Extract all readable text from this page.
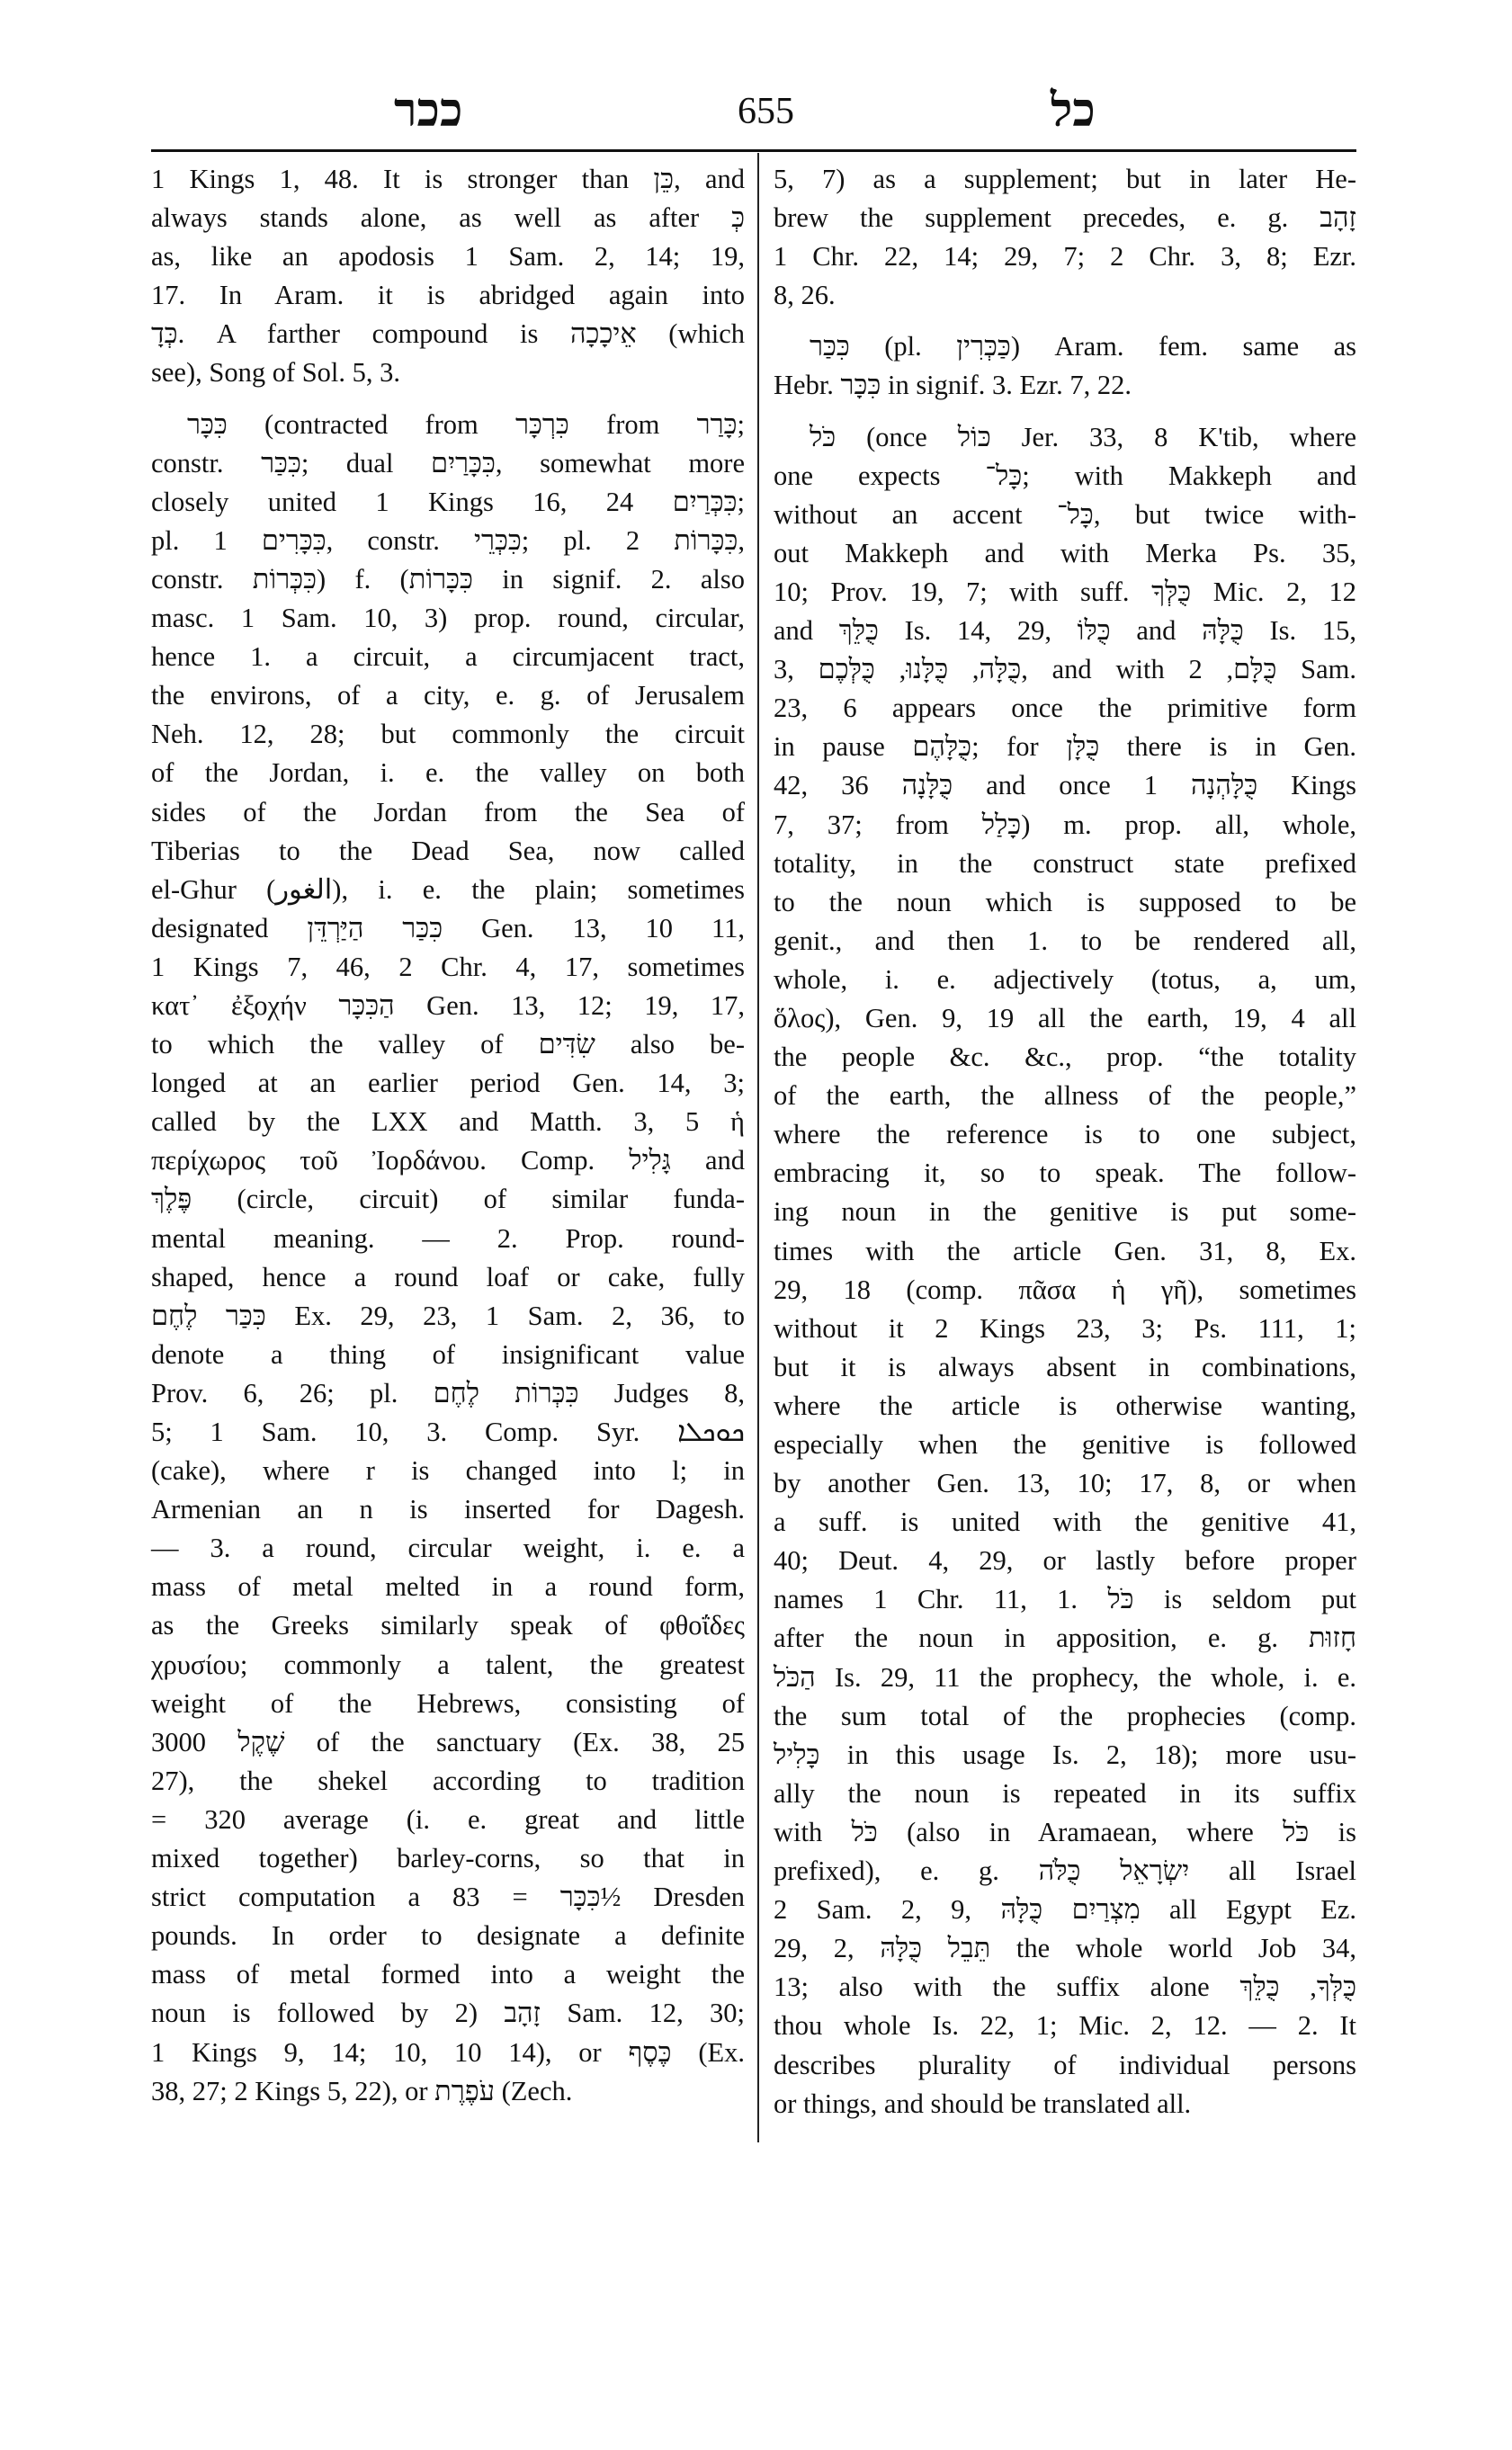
ככר	655	כל
1 Kings 1, 48. It is stronger than כֵּן, and
always stands alone, as well as after כְּ
as, like an apodosis 1 Sam. 2, 14; 19,
17. In Aram. it is abridged again into
כְּדָ. A farther compound is אֵיכָכָה (which
see), Song of Sol. 5, 3.
כִּכָּר (contracted from כִּרְכָּר from כָּרַר;
constr. כִּכַּר; dual כִּכָּרַיִם, somewhat more
closely united 1 Kings 16, 24 כִּכְּרַיִם;
pl. 1 כִּכָּרִים, constr. כִּכְּרֵי; pl. 2 כִּכָּרוֹת,
constr. כִּכְּרוֹת) f. (כִּכָּרוֹת in signif. 2. also
masc. 1 Sam. 10, 3) prop. round, circular,
hence 1. a circuit, a circumjacent tract,
the environs, of a city, e. g. of Jerusalem
Neh. 12, 28; but commonly the circuit
of the Jordan, i. e. the valley on both
sides of the Jordan from the Sea of
Tiberias to the Dead Sea, now called
el-Ghur (الغور), i. e. the plain; sometimes
designated כִּכַּר הַיַּרְדֵּן Gen. 13, 10 11,
1 Kings 7, 46, 2 Chr. 4, 17, sometimes
κατ᾽ ἐξοχήν הַכִּכָּר Gen. 13, 12; 19, 17,
to which the valley of שִׂדִּים also be-
longed at an earlier period Gen. 14, 3;
called by the LXX and Matth. 3, 5 ἡ
περίχωρος τοῦ Ἰορδάνου. Comp. גָּלִיל and
פֶּלֶךְ (circle, circuit) of similar funda-
mental meaning. — 2. Prop. round-
shaped, hence a round loaf or cake, fully
כִּכַּר לֶחֶם Ex. 29, 23, 1 Sam. 2, 36, to
denote a thing of insignificant value
Prov. 6, 26; pl. כִּכְּרוֹת לֶחֶם Judges 8,
5; 1 Sam. 10, 3. Comp. Syr. ܟܘܟܠܐ
(cake), where r is changed into l; in
Armenian an n is inserted for Dagesh.
— 3. a round, circular weight, i. e. a
mass of metal melted in a round form,
as the Greeks similarly speak of φθοΐδες
χρυσίου; commonly a talent, the greatest
weight of the Hebrews, consisting of
3000 שֶׁקֶל of the sanctuary (Ex. 38, 25
27), the shekel according to tradition
= 320 average (i. e. great and little
mixed together) barley-corns, so that in
strict computation a כִּכָּר = 83½ Dresden
pounds. In order to designate a definite
mass of metal formed into a weight the
noun is followed by זָהָב (2 Sam. 12, 30;
1 Kings 9, 14; 10, 10 14), or כֶּסֶף (Ex.
38, 27; 2 Kings 5, 22), or עֹפֶרֶת (Zech.
5, 7) as a supplement; but in later He-
brew the supplement precedes, e. g. זָהָב
1 Chr. 22, 14; 29, 7; 2 Chr. 3, 8; Ezr.
8, 26.
כִּכַּר (pl. כַּכְּרִין) Aram. fem. same as
Hebr. כִּכָּר in signif. 3. Ezr. 7, 22.
כֹּל (once כּוֹל Jer. 33, 8 K'tib, where
one expects כָּל־; with Makkeph and
without an accent כָּל־, but twice with-
out Makkeph and with Merka Ps. 35,
10; Prov. 19, 7; with suff. כֻּלְּךָ Mic. 2, 12
and כֻּלֵּךְ Is. 14, 29, כֻּלּוֹ and כֻּלָּהּ Is. 15,
3, כֻּלָּה, כֻּלָּנוּ, כֻּלְּכֶם, and with כֻּלָּם, 2 Sam.
23, 6 appears once the primitive form
in pause כֻּלָּהֶם; for כֻּלָּן there is in Gen.
42, 36 כֻּלָּנָה and once כֻּלָּהְנָה 1 Kings
7, 37; from כָּלַל) m. prop. all, whole,
totality, in the construct state prefixed
to the noun which is supposed to be
genit., and then 1. to be rendered all,
whole, i. e. adjectively (totus, a, um,
ὅλος), Gen. 9, 19 all the earth, 19, 4 all
the people &c. &c., prop. “the totality
of the earth, the allness of the people,”
where the reference is to one subject,
embracing it, so to speak. The follow-
ing noun in the genitive is put some-
times with the article Gen. 31, 8, Ex.
29, 18 (comp. πᾶσα ἡ γῆ), sometimes
without it 2 Kings 23, 3; Ps. 111, 1;
but it is always absent in combinations,
where the article is otherwise wanting,
especially when the genitive is followed
by another Gen. 13, 10; 17, 8, or when
a suff. is united with the genitive 41,
40; Deut. 4, 29, or lastly before proper
names 1 Chr. 11, 1. כֹּל is seldom put
after the noun in apposition, e. g. חָזוּת
הַכֹּל Is. 29, 11 the prophecy, the whole, i. e.
the sum total of the prophecies (comp.
כָּלִיל in this usage Is. 2, 18); more usu-
ally the noun is repeated in its suffix
with כֹּל (also in Aramaean, where כֹּל is
prefixed), e. g. יִשְׂרָאֵל כֻּלֹּה all Israel
2 Sam. 2, 9, מִצְרַיִם כֻּלָּהּ all Egypt Ez.
29, 2, תֵּבֵל כֻּלָּהּ the whole world Job 34,
13; also with the suffix alone כֻּלְּךָ, כֻּלֵּךְ
thou whole Is. 22, 1; Mic. 2, 12. — 2. It
describes plurality of individual persons
or things, and should be translated all.
